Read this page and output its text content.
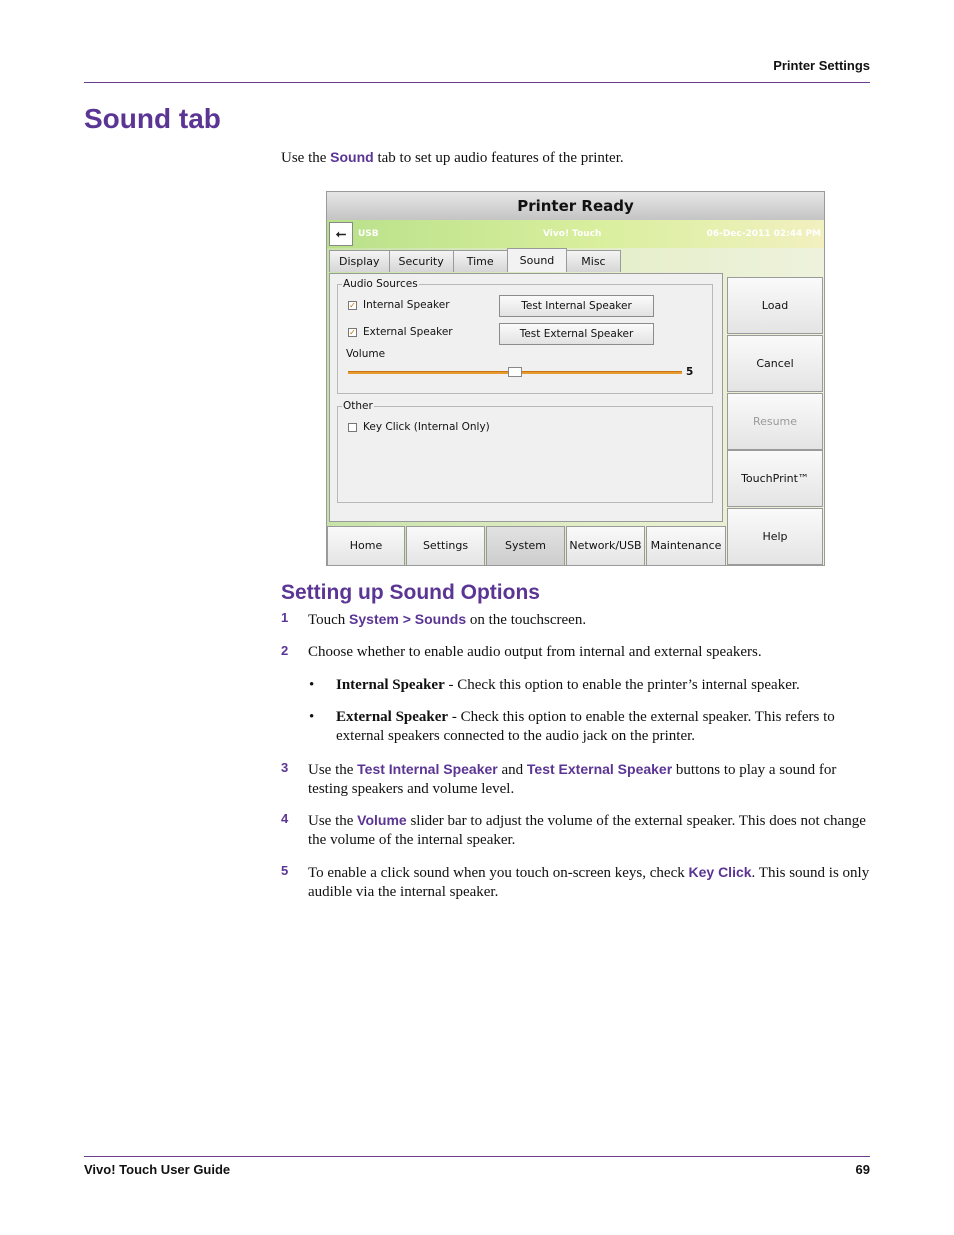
Printer Settings
Sound tab

Use the Sound tab to set up audio features of the printer.

Printer Ready
⭠	USB	Vivo! Touch	06-Dec-2011 02:44 PM
Display	Security	Time	Sound	Misc
Audio Sources
✓ Internal Speaker	Test Internal Speaker
✓ External Speaker	Test External Speaker
Volume
5
Other
Key Click (Internal Only)
Load
Cancel
Resume
TouchPrint™
Help
Home	Settings	System	Network/USB Maintenance
Setting up Sound Options
1 Touch System > Sounds on the touchscreen.
2 Choose whether to enable audio output from internal and external speakers.
• Internal Speaker - Check this option to enable the printer’s internal speaker.
• External Speaker - Check this option to enable the external speaker. This refers to external speakers connected to the audio jack on the printer.
3 Use the Test Internal Speaker and Test External Speaker buttons to play a sound for testing speakers and volume level.
4 Use the Volume slider bar to adjust the volume of the external speaker. This does not change the volume of the internal speaker.
5 To enable a click sound when you touch on-screen keys, check Key Click. This sound is only audible via the internal speaker.
Vivo! Touch User Guide	69
